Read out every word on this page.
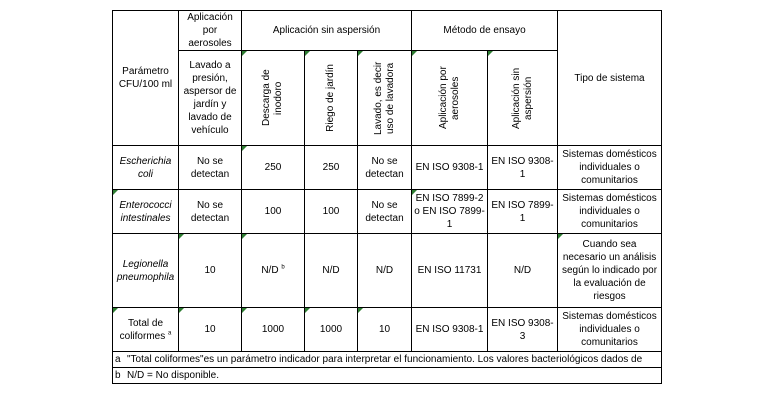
Parámetro CFU/100 ml	Aplicación por aerosoles	Aplicación sin aspersión			Método de ensayo		Tipo de sistema
	Lavado a presión, aspersor de jardín y lavado de vehículo	Descarga de inodoro	Riego de jardín	Lavado, es decir uso de lavadora	Aplicación por aerosoles	Aplicación sin aspersión	

Escherichia coli	No se detectan	250	250	No se detectan	EN ISO 9308-1	EN ISO 9308-1	Sistemas domésticos individuales o comunitarios
Enterococci intestinales	No se detectan	100	100	No se detectan	EN ISO 7899-2 o EN ISO 7899-1	EN ISO 7899-1	Sistemas domésticos individuales o comunitarios
Legionella pneumophila	10	N/D $^b$	N/D	N/D	EN ISO 11731	N/D	Cuando sea necesario un análisis según lo indicado por la evaluación de riesgos
Total de coliformes $^a$	10	1000	1000	10	EN ISO 9308-1	EN ISO 9308-3	Sistemas domésticos individuales o comunitarios
a "Total coliformes"es un parámetro indicador para interpretar el funcionamiento. Los valores bacteriológicos dados de							
b N/D = No disponible.							
